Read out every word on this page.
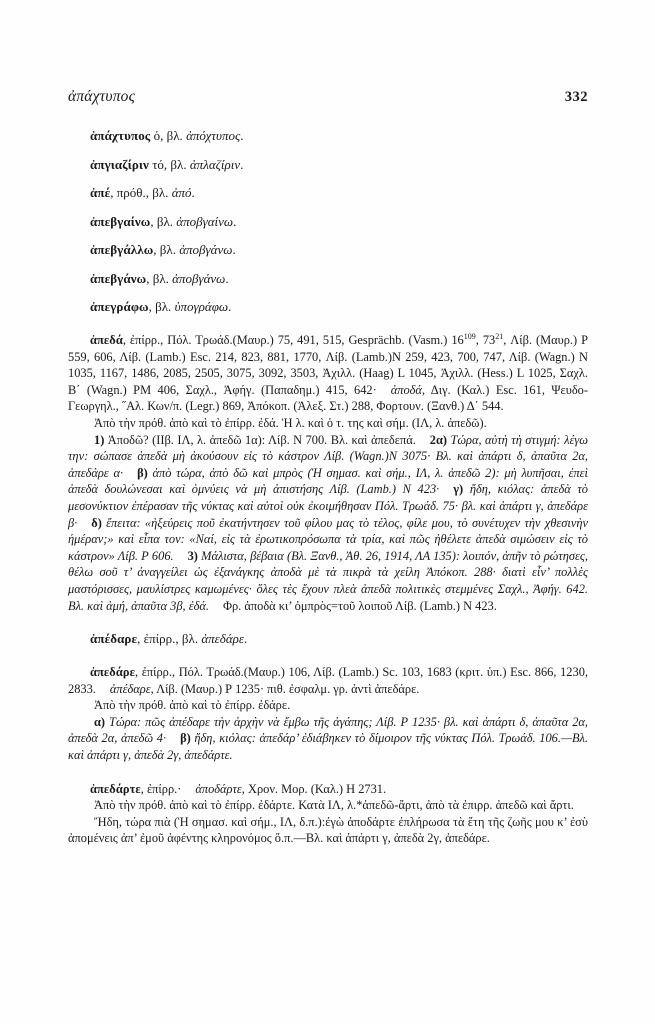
ἀπάχτυπος	332

ἀπάχτυπος ὁ, βλ. ἀπόχτυπος.

ἀπγιαζίριν τό, βλ. ἀπλαζίριν.

ἀπέ, πρόθ., βλ. ἀπό.

ἀπεβγαίνω, βλ. ἀποβγαίνω.

ἀπεβγάλλω, βλ. ἀποβγάνω.

ἀπεβγάνω, βλ. ἀποβγάνω.

ἀπεγράφω, βλ. ὑπογράφω.

ἀπεδά, ἐπίρρ., Πόλ. Τρωάδ.(Μαυρ.) 75, 491, 515, Gesprächb. (Vasm.) $16^{109}$, $73^{21}$, Λίβ. (Μαυρ.) Ρ 559, 606, Λίβ. (Lamb.) Esc. 214, 823, 881, 1770, Λίβ. (Lamb.)Ν 259, 423, 700, 747, Λίβ. (Wagn.) Ν 1035, 1167, 1486, 2085, 2505, 3075, 3092, 3503, Ἀχιλλ. (Haag) L 1045, Ἀχιλλ. (Hess.) L 1025, Σαχλ. Β΄ (Wagn.) PM 406, Σαχλ., Ἀφήγ. (Παπαδημ.) 415, 642· ἀποδά, Διγ. (Καλ.) Esc. 161, Ψευδο-Γεωργηλ., ˝Αλ. Κων/π. (Legr.) 869, Ἀπόκοπ. (Ἀλεξ. Στ.) 288, Φορτουν. (Ξανθ.) Δ΄ 544.

Ἀπὸ τὴν πρόθ. ἀπὸ καὶ τὸ ἐπίρρ. ἐδά. Ἡ λ. καὶ ὁ τ. της καὶ σήμ. (ΙΛ, λ. ἀπεδῶ).

1) Ἀποδῶ? (ΙΙβ. ΙΛ, λ. ἀπεδῶ 1α): Λίβ. Ν 700. Βλ. καὶ ἀπεδεπά. 2α) Τώρα, αὐτὴ τὴ στιγμή: λέγω την: σώπασε ἀπεδὰ μὴ ἀκούσουν εἰς τὸ κάστρον Λίβ. (Wagn.)Ν 3075· Βλ. καὶ ἀπάρτι δ, ἀπαῦτα 2α, ἀπεδάρε α· β) ἀπὸ τώρα, ἀπὸ δῶ καὶ μπρὸς (Ἡ σημασ. καὶ σήμ., ΙΛ, λ. ἀπεδῶ 2): μὴ λυπῆσαι, ἐπεὶ ἀπεδὰ δουλώνεσαι καὶ ὀμνύεις νὰ μὴ ἀπιστήσης Λίβ. (Lamb.) Ν 423· γ) ἤδη, κιόλας: ἀπεδὰ τὸ μεσονύκτιον ἐπέρασαν τῆς νύκτας καὶ αὐτοὶ οὐκ ἐκοιμήθησαν Πόλ. Τρωάδ. 75· βλ. καὶ ἀπάρτι γ, ἀπεδάρε β· δ) ἔπειτα: «ἠξεύρεις ποῦ ἐκατήντησεν τοῦ φίλου μας τὸ τέλος, φίλε μου, τὸ συνέτυχεν τὴν χθεσινὴν ἡμέραν;» καὶ εἶπα τον: «Ναί, εἰς τὰ ἐρωτικοπρόσωπα τὰ τρία, καὶ πῶς ἠθέλετε ἀπεδὰ σιμώσειν εἰς τὸ κάστρον» Λίβ. Ρ 606. 3) Μάλιστα, βέβαια (Βλ. Ξανθ., Ἀθ. 26, 1914, ΛΑ 135): λοιπόν, ἀπῆν τὸ ρώτησες, θέλω σοῦ τ’ ἀναγγείλει ὡς ἐξανάγκης ἀποδὰ μὲ τὰ πικρὰ τὰ χείλη Ἀπόκοπ. 288· διατὶ εἶν’ πολλὲς μαστόρισσες, μαυλίστρες καμωμένες· ὅλες τὲς ἔχουν πλεὰ ἀπεδὰ πολιτικὲς στεμμένες Σαχλ., Ἀφήγ. 642. Βλ. καὶ ἀμή, ἀπαῦτα 3β, ἐδά. Φρ. ἀποδὰ κι’ ὀμπρὸς=τοῦ λοιποῦ Λίβ. (Lamb.) Ν 423.

ἀπέδαρε, ἐπίρρ., βλ. ἀπεδάρε.

ἀπεδάρε, ἐπίρρ., Πόλ. Τρωάδ.(Μαυρ.) 106, Λίβ. (Lamb.) Sc. 103, 1683 (κριτ. ὑπ.) Esc. 866, 1230, 2833. ἀπέδαρε, Λίβ. (Μαυρ.) Ρ 1235· πιθ. ἐσφαλμ. γρ. ἀντὶ ἀπεδάρε.

Ἀπὸ τὴν πρόθ. ἀπὸ καὶ τὸ ἐπίρρ. ἐδάρε.

α) Τώρα: πῶς ἀπέδαρε τὴν ἀρχὴν νὰ ἔμβω τῆς ἀγάπης; Λίβ. Ρ 1235· βλ. καὶ ἀπάρτι δ, ἀπαῦτα 2α, ἀπεδὰ 2α, ἀπεδῶ 4· β) ἤδη, κιόλας: ἀπεδάρ’ ἐδιάβηκεν τὸ δίμοιρον τῆς νύκτας Πόλ. Τρωάδ. 106.—Βλ. καὶ ἀπάρτι γ, ἀπεδὰ 2γ, ἀπεδάρτε.

ἀπεδάρτε, ἐπίρρ.· ἀποδάρτε, Χρον. Μορ. (Καλ.) Η 2731.

Ἀπὸ τὴν πρόθ. ἀπὸ καὶ τὸ ἐπίρρ. ἐδάρτε. Κατὰ ΙΛ, λ.*ἀπεδῶ-ἄρτι, ἀπὸ τὰ ἐπιρρ. ἀπεδῶ καὶ ἄρτι.

Ἤδη, τώρα πιὰ (Ἡ σημασ. καὶ σήμ., ΙΛ, δ.π.):ἐγὼ ἀποδάρτε ἐπλήρωσα τὰ ἔτη τῆς ζωῆς μου κ’ ἐσὺ ἀπομένεις ἀπ’ ἐμοῦ ἀφέντης κληρονόμος ὅ.π.—Βλ. καὶ ἀπάρτι γ, ἀπεδὰ 2γ, ἀπεδάρε.
